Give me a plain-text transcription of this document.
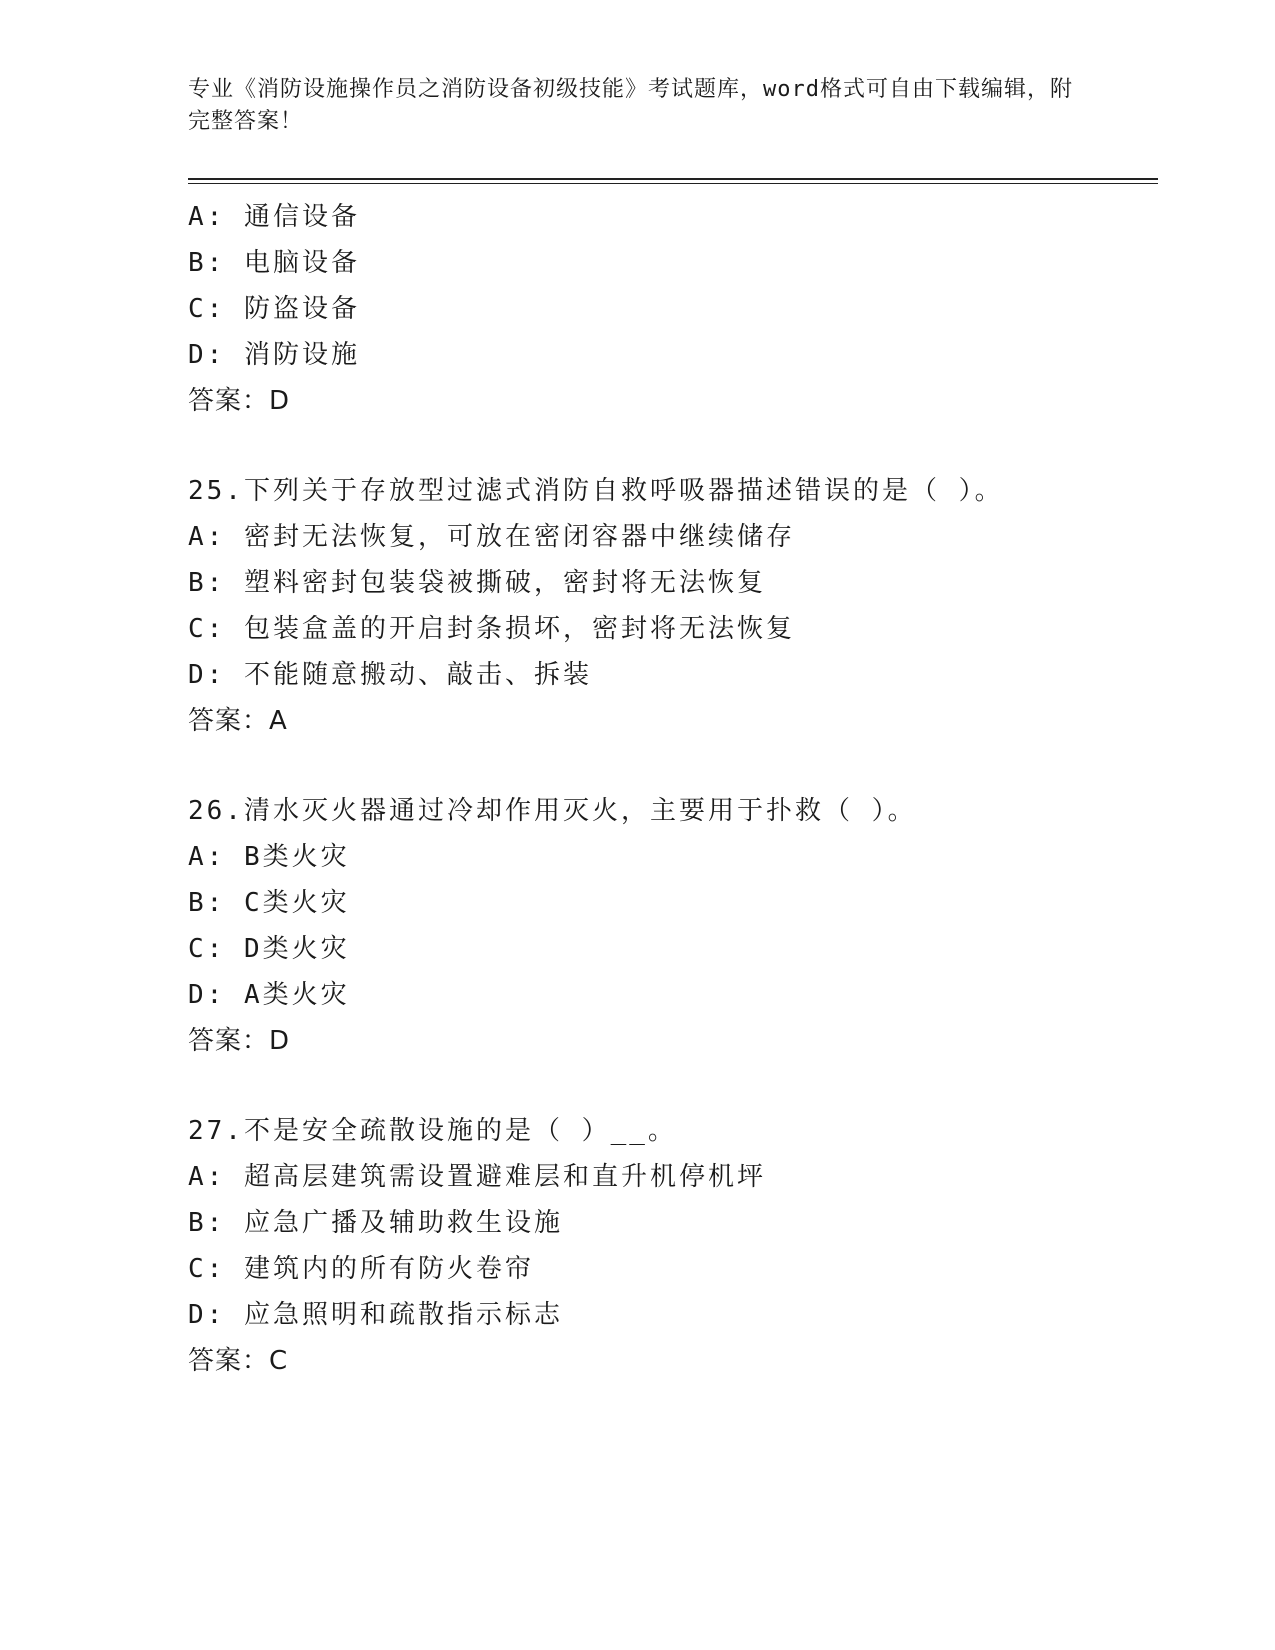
专业《消防设施操作员之消防设备初级技能》考试题库，word格式可自由下载编辑，附完整答案！
A: 通信设备
B: 电脑设备
C: 防盗设备
D: 消防设施
答案：D
25.下列关于存放型过滤式消防自救呼吸器描述错误的是（ ）。
A: 密封无法恢复，可放在密闭容器中继续储存
B: 塑料密封包装袋被撕破，密封将无法恢复
C: 包装盒盖的开启封条损坏，密封将无法恢复
D: 不能随意搬动、敲击、拆装
答案：A
26.清水灭火器通过冷却作用灭火，主要用于扑救（ ）。
A: B类火灾
B: C类火灾
C: D类火灾
D: A类火灾
答案：D
27.不是安全疏散设施的是（ ）__。
A: 超高层建筑需设置避难层和直升机停机坪
B: 应急广播及辅助救生设施
C: 建筑内的所有防火卷帘
D: 应急照明和疏散指示标志
答案：C
